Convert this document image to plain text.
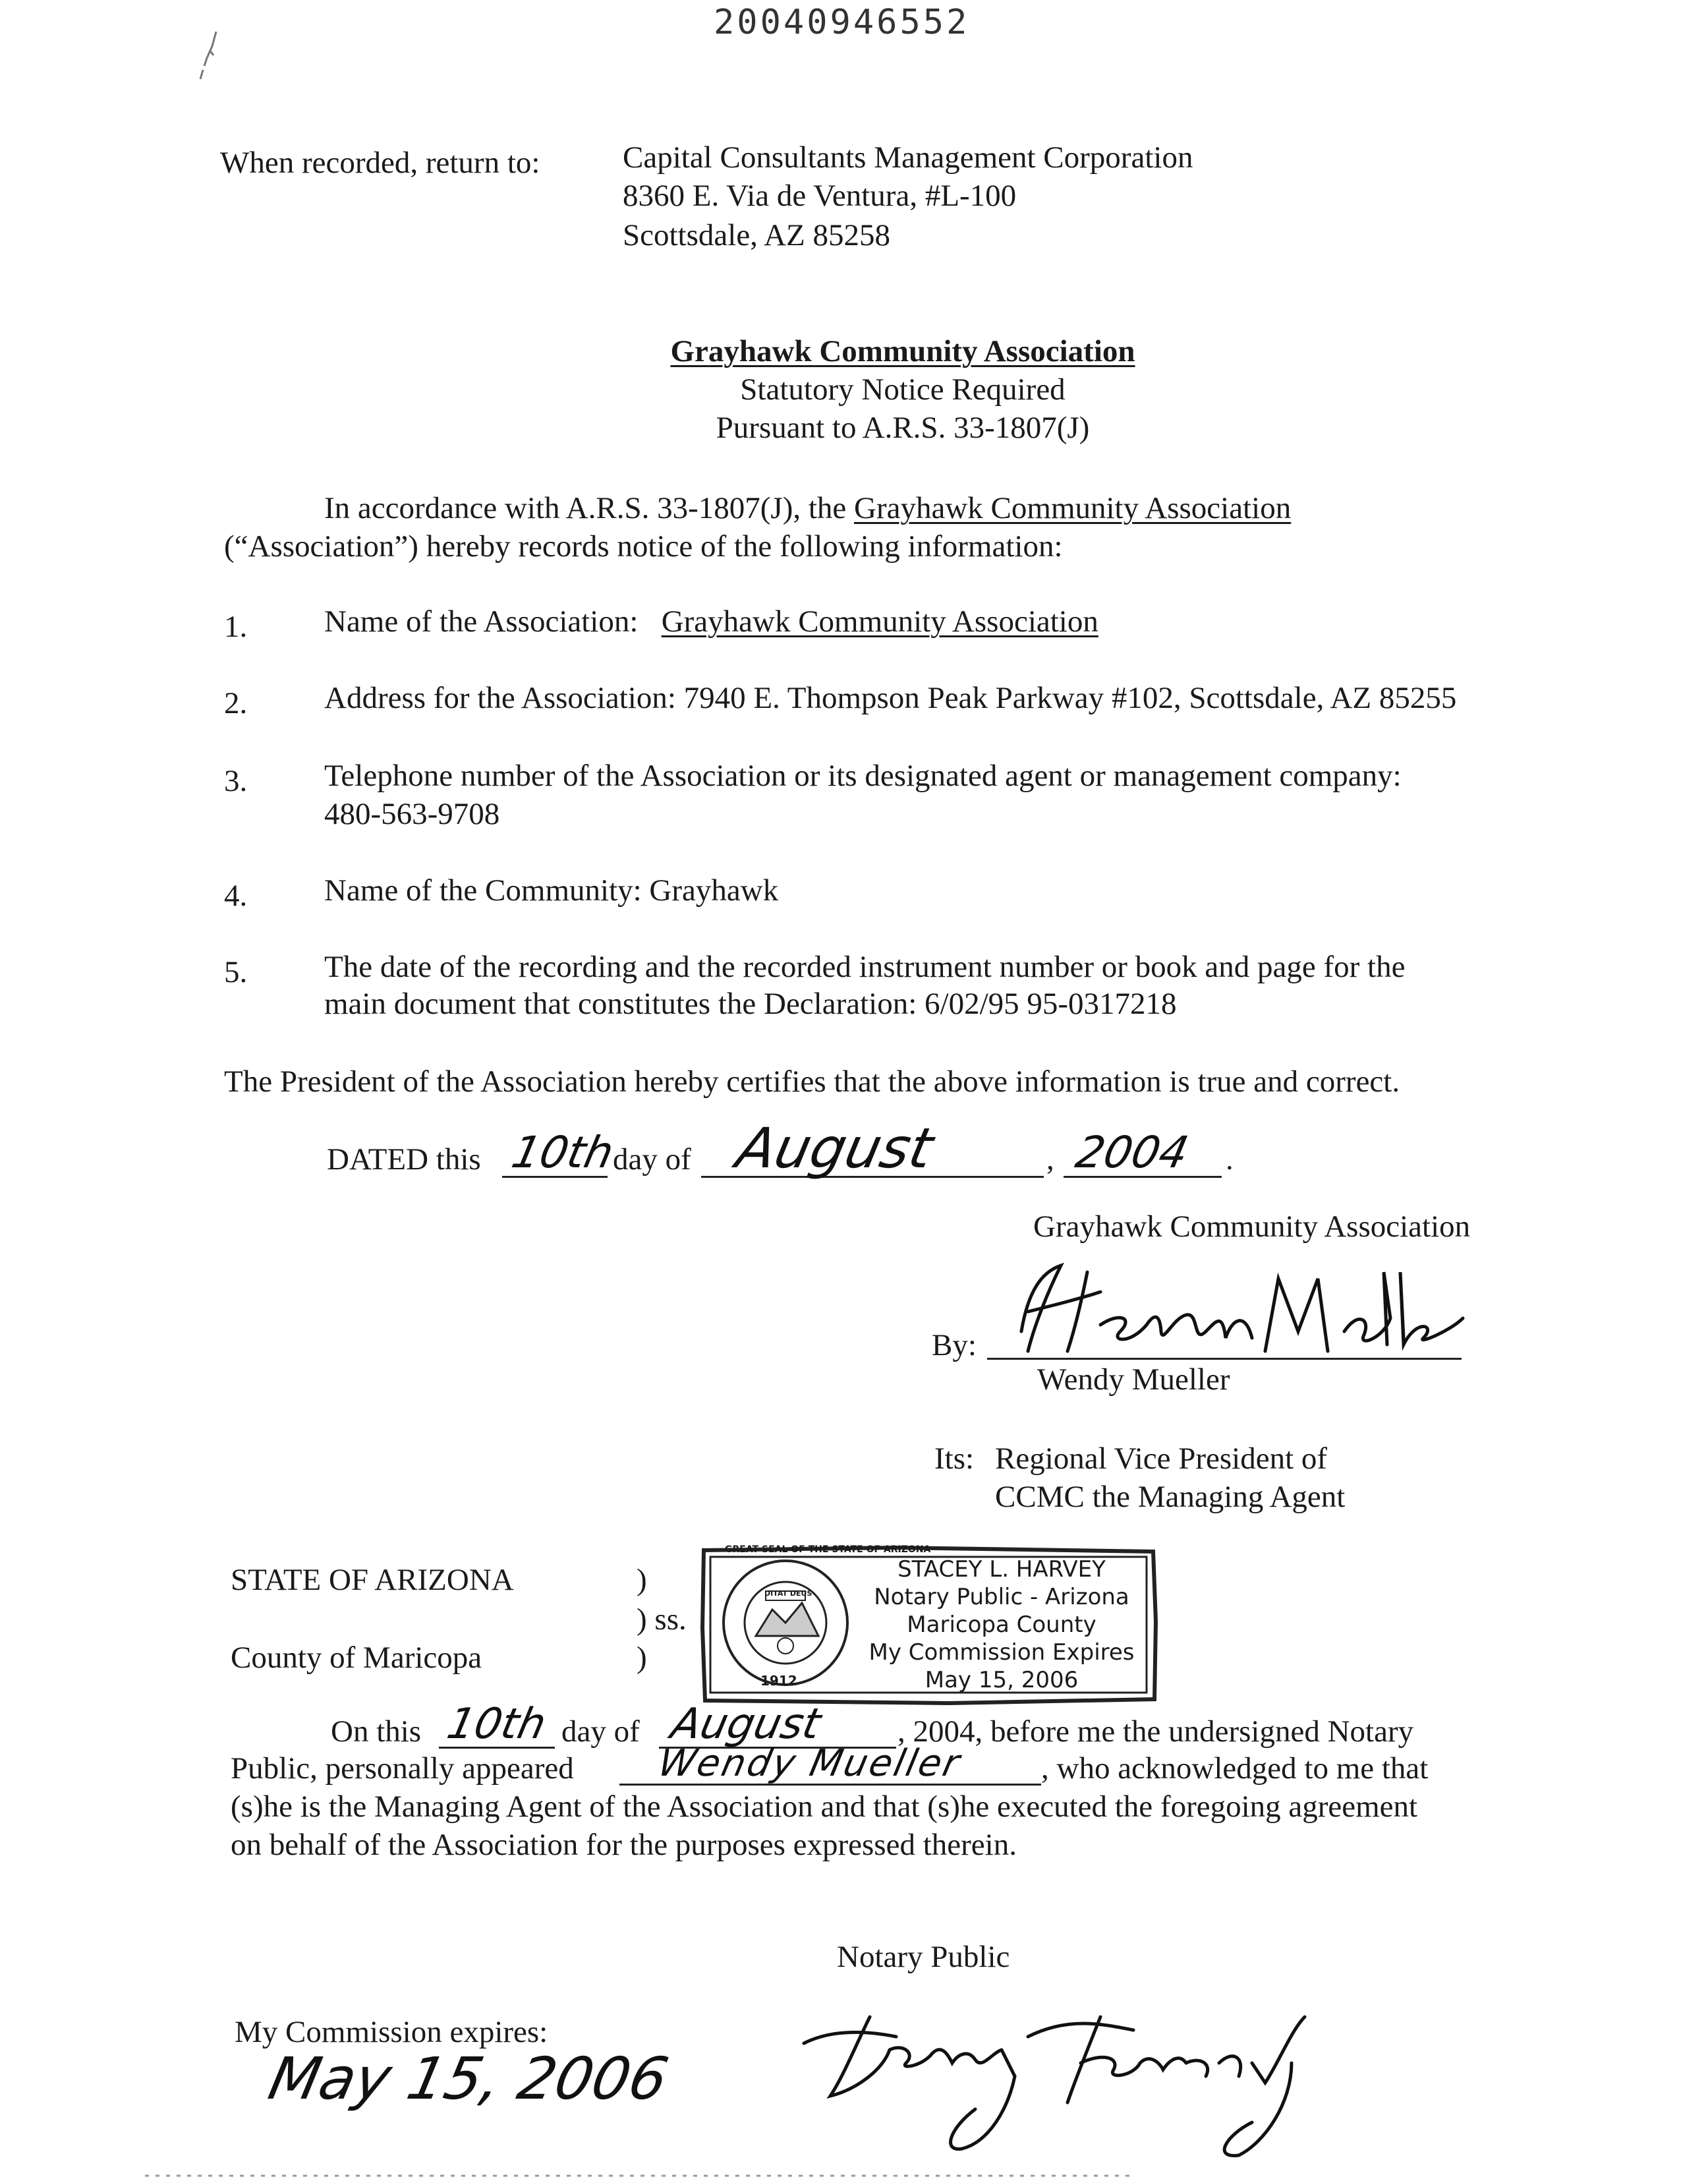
20040946552
When recorded, return to:	Capital Consultants Management Corporation
8360 E. Via de Ventura, #L-100
Scottsdale, AZ 85258
Grayhawk Community Association
Statutory Notice Required
Pursuant to A.R.S. 33-1807(J)
In accordance with A.R.S. 33-1807(J), the Grayhawk Community Association
(“Association”) hereby records notice of the following information:
1. Name of the Association: Grayhawk Community Association
2. Address for the Association: 7940 E. Thompson Peak Parkway #102, Scottsdale, AZ 85255
3. Telephone number of the Association or its designated agent or management company:
480-563-9708
4. Name of the Community: Grayhawk
5. The date of the recording and the recorded instrument number or book and page for the
main document that constitutes the Declaration: 6/02/95 95-0317218
The President of the Association hereby certifies that the above information is true and correct.
DATED this 10th
day of August	, 2004 .
Grayhawk Community Association
By:
Wendy Mueller
Its: Regional Vice President of
CCMC the Managing Agent
STATE OF ARIZONA	)
) ss.
County of Maricopa	)
1912
DITAT DEUS
GREAT SEAL OF THE STATE OF ARIZONA
STACEY L. HARVEY
Notary Public - Arizona
Maricopa County
My Commission Expires
May 15, 2006
On this 10th day of August , 2004, before me the undersigned Notary
Public, personally appeared Wendy Mueller , who acknowledged to me that
(s)he is the Managing Agent of the Association and that (s)he executed the foregoing agreement
on behalf of the Association for the purposes expressed therein.
Notary Public
My Commission expires:
May 15, 2006
